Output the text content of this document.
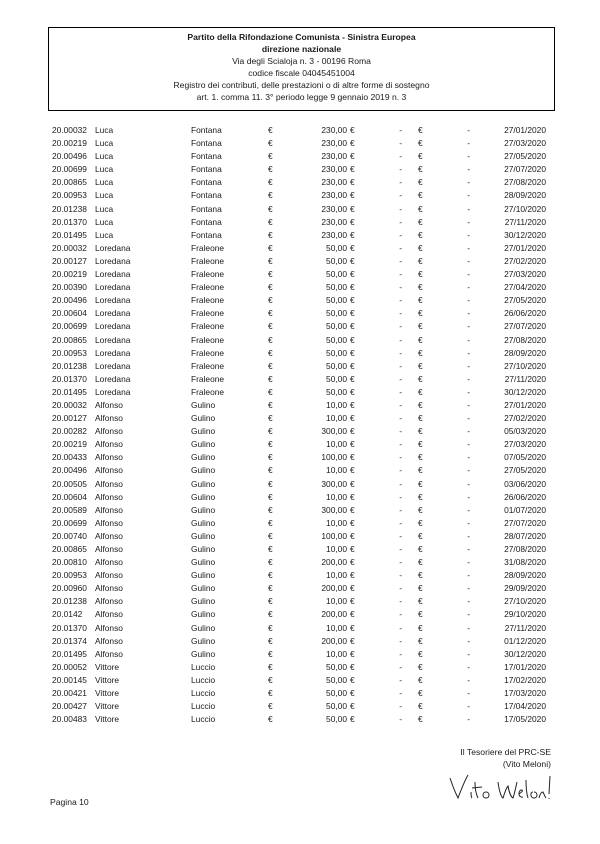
Partito della Rifondazione Comunista - Sinistra Europea
direzione nazionale
Via degli Scialoja n. 3 - 00196 Roma
codice fiscale 04045451004
Registro dei contributi, delle prestazioni o di altre forme di sostegno
art. 1. comma 11. 3° periodo legge 9 gennaio 2019 n. 3
20.00032 Luca	Fontana	€	230,00 €	- €	-	27/01/2020
20.00219 Luca	Fontana	€	230,00 €	- €	-	27/03/2020
20.00496 Luca	Fontana	€	230,00 €	- €	-	27/05/2020
20.00699 Luca	Fontana	€	230,00 €	- €	-	27/07/2020
20.00865 Luca	Fontana	€	230,00 €	- €	-	27/08/2020
20.00953 Luca	Fontana	€	230,00 €	- €	-	28/09/2020
20.01238 Luca	Fontana	€	230,00 €	- €	-	27/10/2020
20.01370 Luca	Fontana	€	230,00 €	- €	-	27/11/2020
20.01495 Luca	Fontana	€	230,00 €	- €	-	30/12/2020
20.00032 Loredana	Fraleone	€	50,00 €	- €	-	27/01/2020
20.00127 Loredana	Fraleone	€	50,00 €	- €	-	27/02/2020
20.00219 Loredana	Fraleone	€	50,00 €	- €	-	27/03/2020
20.00390 Loredana	Fraleone	€	50,00 €	- €	-	27/04/2020
20.00496 Loredana	Fraleone	€	50,00 €	- €	-	27/05/2020
20.00604 Loredana	Fraleone	€	50,00 €	- €	-	26/06/2020
20.00699 Loredana	Fraleone	€	50,00 €	- €	-	27/07/2020
20.00865 Loredana	Fraleone	€	50,00 €	- €	-	27/08/2020
20.00953 Loredana	Fraleone	€	50,00 €	- €	-	28/09/2020
20.01238 Loredana	Fraleone	€	50,00 €	- €	-	27/10/2020
20.01370 Loredana	Fraleone	€	50,00 €	- €	-	27/11/2020
20.01495 Loredana	Fraleone	€	50,00 €	- €	-	30/12/2020
20.00032 Alfonso	Gulino	€	10,00 €	- €	-	27/01/2020
20.00127 Alfonso	Gulino	€	10,00 €	- €	-	27/02/2020
20.00282 Alfonso	Gulino	€	300,00 €	- €	-	05/03/2020
20.00219 Alfonso	Gulino	€	10,00 €	- €	-	27/03/2020
20.00433 Alfonso	Gulino	€	100,00 €	- €	-	07/05/2020
20.00496 Alfonso	Gulino	€	10,00 €	- €	-	27/05/2020
20.00505 Alfonso	Gulino	€	300,00 €	- €	-	03/06/2020
20.00604 Alfonso	Gulino	€	10,00 €	- €	-	26/06/2020
20.00589 Alfonso	Gulino	€	300,00 €	- €	-	01/07/2020
20.00699 Alfonso	Gulino	€	10,00 €	- €	-	27/07/2020
20.00740 Alfonso	Gulino	€	100,00 €	- €	-	28/07/2020
20.00865 Alfonso	Gulino	€	10,00 €	- €	-	27/08/2020
20.00810 Alfonso	Gulino	€	200,00 €	- €	-	31/08/2020
20.00953 Alfonso	Gulino	€	10,00 €	- €	-	28/09/2020
20.00960 Alfonso	Gulino	€	200,00 €	- €	-	29/09/2020
20.01238 Alfonso	Gulino	€	10,00 €	- €	-	27/10/2020
20.0142 Alfonso	Gulino	€	200,00 €	- €	-	29/10/2020
20.01370 Alfonso	Gulino	€	10,00 €	- €	-	27/11/2020
20.01374 Alfonso	Gulino	€	200,00 €	- €	-	01/12/2020
20.01495 Alfonso	Gulino	€	10,00 €	- €	-	30/12/2020
20.00052 Vittore	Luccio	€	50,00 €	- €	-	17/01/2020
20.00145 Vittore	Luccio	€	50,00 €	- €	-	17/02/2020
20.00421 Vittore	Luccio	€	50,00 €	- €	-	17/03/2020
20.00427 Vittore	Luccio	€	50,00 €	- €	-	17/04/2020
20.00483 Vittore	Luccio	€	50,00 €	- €	-	17/05/2020
Il Tesoriere del PRC-SE
(Vito Meloni)
Pagina 10
